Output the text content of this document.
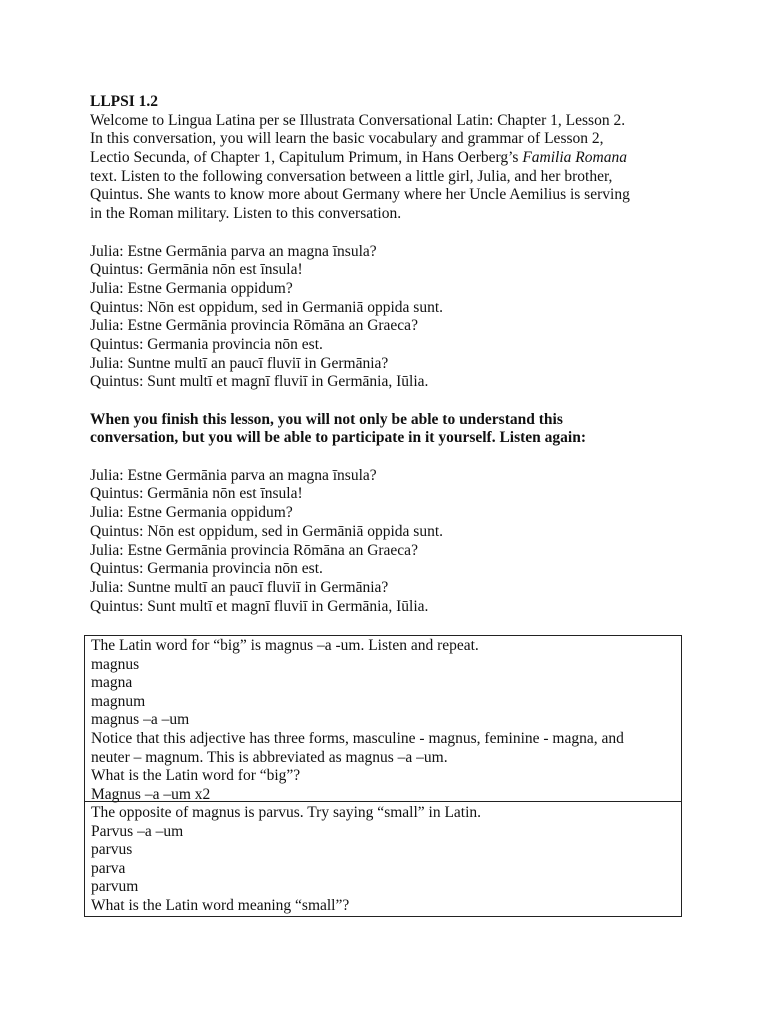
LLPSI 1.2
Welcome to Lingua Latina per se Illustrata Conversational Latin: Chapter 1, Lesson 2.
In this conversation, you will learn the basic vocabulary and grammar of Lesson 2,
Lectio Secunda, of Chapter 1, Capitulum Primum, in Hans Oerberg’s Familia Romana
text. Listen to the following conversation between a little girl, Julia, and her brother,
Quintus. She wants to know more about Germany where her Uncle Aemilius is serving
in the Roman military. Listen to this conversation.
Julia: Estne Germānia parva an magna īnsula?
Quintus: Germānia nōn est īnsula!
Julia: Estne Germania oppidum?
Quintus: Nōn est oppidum, sed in Germaniā oppida sunt.
Julia: Estne Germānia provincia Rōmāna an Graeca?
Quintus: Germania provincia nōn est.
Julia: Suntne multī an paucī fluviī in Germānia?
Quintus: Sunt multī et magnī fluviī in Germānia, Iūlia.
When you finish this lesson, you will not only be able to understand this
conversation, but you will be able to participate in it yourself. Listen again:
Julia: Estne Germānia parva an magna īnsula?
Quintus: Germānia nōn est īnsula!
Julia: Estne Germania oppidum?
Quintus: Nōn est oppidum, sed in Germāniā oppida sunt.
Julia: Estne Germānia provincia Rōmāna an Graeca?
Quintus: Germania provincia nōn est.
Julia: Suntne multī an paucī fluviī in Germānia?
Quintus: Sunt multī et magnī fluviī in Germānia, Iūlia.
The Latin word for “big” is magnus –a -um. Listen and repeat.
magnus
magna
magnum
magnus –a –um
Notice that this adjective has three forms, masculine - magnus, feminine - magna, and
neuter – magnum. This is abbreviated as magnus –a –um.
What is the Latin word for “big”?
Magnus –a –um x2
The opposite of magnus is parvus. Try saying “small” in Latin.
Parvus –a –um
parvus
parva
parvum
What is the Latin word meaning “small”?
